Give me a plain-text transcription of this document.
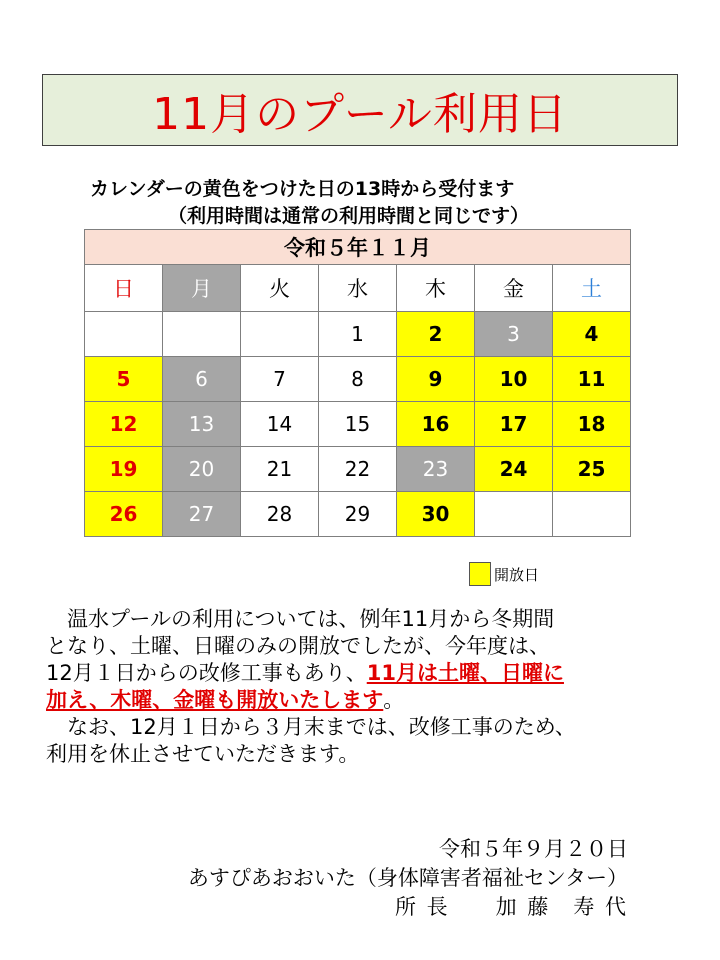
11月のプール利用日
カレンダーの黄色をつけた日の13時から受付ます
（利用時間は通常の利用時間と同じです）
令和５年１１月						
日	月	火	水	木	金	土
			1	2	3	4
5	6	7	8	9	10	11
12	13	14	15	16	17	18
19	20	21	22	23	24	25
26	27	28	29	30		
開放日

　温水プールの利用については、例年11月から冬期間

となり、土曜、日曜のみの開放でしたが、今年度は、

12月１日からの改修工事もあり、11月は土曜、日曜に

加え、木曜、金曜も開放いたします。

　なお、12月１日から３月末までは、改修工事のため、

利用を休止させていただきます。

令和５年９月２０日
あすぴあおおいた（身体障害者福祉センター）
所 長　　加 藤　寿 代
